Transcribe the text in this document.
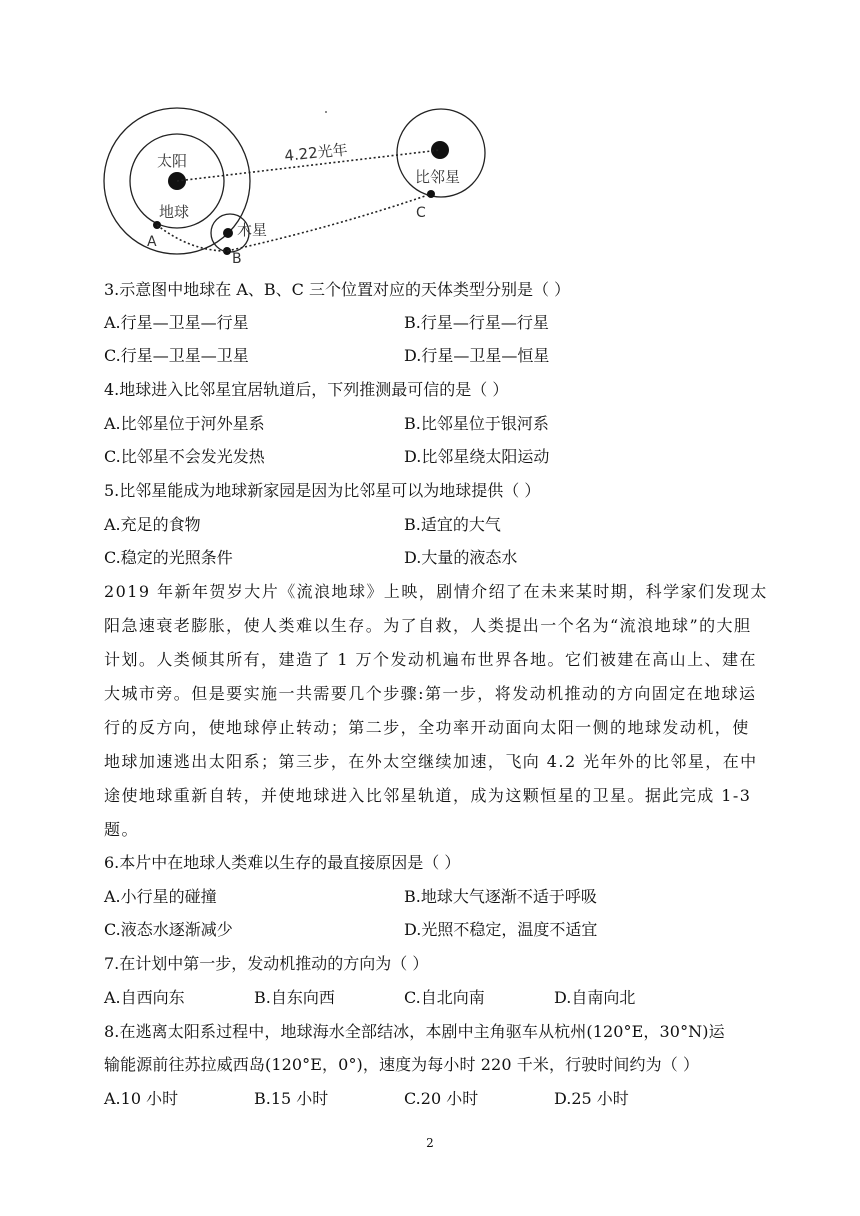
太阳
地球
A
木星
B
比邻星
C
4.22光年
3.示意图中地球在 A、B、C 三个位置对应的天体类型分别是（ ）
A.行星—卫星—行星	B.行星—行星—行星
C.行星—卫星—卫星	D.行星—卫星—恒星
4.地球进入比邻星宜居轨道后，下列推测最可信的是（ ）
A.比邻星位于河外星系	B.比邻星位于银河系
C.比邻星不会发光发热	D.比邻星绕太阳运动
5.比邻星能成为地球新家园是因为比邻星可以为地球提供（ ）
A.充足的食物	B.适宜的大气
C.稳定的光照条件	D.大量的液态水
2019 年新年贺岁大片《流浪地球》上映，剧情介绍了在未来某时期，科学家们发现太
阳急速衰老膨胀，使人类难以生存。为了自救，人类提出一个名为“流浪地球”的大胆
计划。人类倾其所有，建造了 1 万个发动机遍布世界各地。它们被建在高山上、建在
大城市旁。但是要实施一共需要几个步骤:第一步，将发动机推动的方向固定在地球运
行的反方向，使地球停止转动；第二步，全功率开动面向太阳一侧的地球发动机，使
地球加速逃出太阳系；第三步，在外太空继续加速，飞向 4.2 光年外的比邻星，在中
途使地球重新自转，并使地球进入比邻星轨道，成为这颗恒星的卫星。据此完成 1-3
题。
6.本片中在地球人类难以生存的最直接原因是（ ）
A.小行星的碰撞	B.地球大气逐渐不适于呼吸
C.液态水逐渐减少	D.光照不稳定，温度不适宜
7.在计划中第一步，发动机推动的方向为（ ）
A.自西向东	B.自东向西	C.自北向南	D.自南向北
8.在逃离太阳系过程中，地球海水全部结冰，本剧中主角驱车从杭州(120°E，30°N)运
输能源前往苏拉威西岛(120°E，0°)，速度为每小时 220 千米，行驶时间约为（ ）
A.10 小时	B.15 小时	C.20 小时	D.25 小时
2
